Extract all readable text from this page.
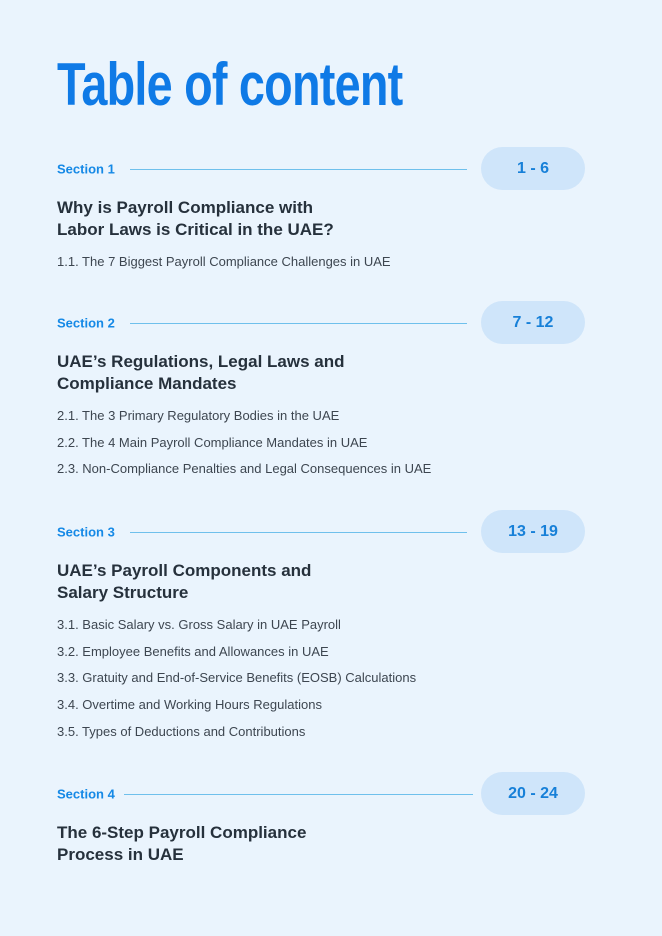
Table of content
Section 1	1 - 6
Why is Payroll Compliance with
Labor Laws is Critical in the UAE?
1.1. The 7 Biggest Payroll Compliance Challenges in UAE
Section 2	7 - 12
UAE’s Regulations, Legal Laws and
Compliance Mandates
2.1. The 3 Primary Regulatory Bodies in the UAE
2.2. The 4 Main Payroll Compliance Mandates in UAE
2.3. Non-Compliance Penalties and Legal Consequences in UAE
Section 3	13 - 19
UAE’s Payroll Components and
Salary Structure
3.1. Basic Salary vs. Gross Salary in UAE Payroll
3.2. Employee Benefits and Allowances in UAE
3.3. Gratuity and End-of-Service Benefits (EOSB) Calculations
3.4. Overtime and Working Hours Regulations
3.5. Types of Deductions and Contributions
Section 4	20 - 24
The 6-Step Payroll Compliance
Process in UAE
